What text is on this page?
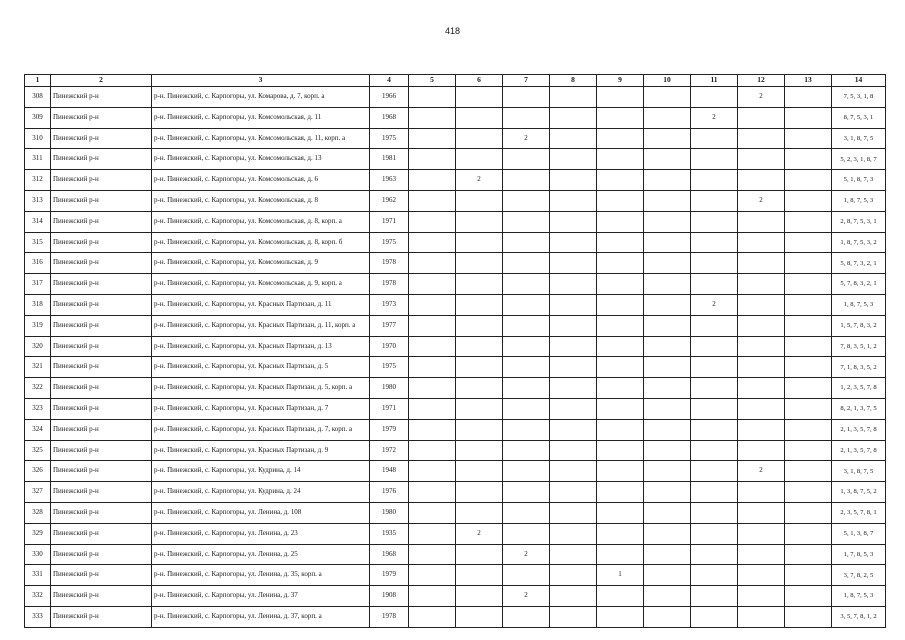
418
1	2	3	4	5	6	7	8	9	10	11	12	13	14
308	Пинежский р-н	р-н. Пинежский, с. Карпогоры, ул. Комарова, д. 7, корп. а	1966								2		7, 5, 3, 1, 8
309	Пинежский р-н	р-н. Пинежский, с. Карпогоры, ул. Комсомольская, д. 11	1968							2			8, 7, 5, 3, 1
310	Пинежский р-н	р-н. Пинежский, с. Карпогоры, ул. Комсомольская, д. 11, корп. а	1975			2							3, 1, 8, 7, 5
311	Пинежский р-н	р-н. Пинежский, с. Карпогоры, ул. Комсомольская, д. 13	1981										5, 2, 3, 1, 8, 7
312	Пинежский р-н	р-н. Пинежский, с. Карпогоры, ул. Комсомольская, д. 6	1963		2								5, 1, 8, 7, 3
313	Пинежский р-н	р-н. Пинежский, с. Карпогоры, ул. Комсомольская, д. 8	1962								2		1, 8, 7, 5, 3
314	Пинежский р-н	р-н. Пинежский, с. Карпогоры, ул. Комсомольская, д. 8, корп. а	1971										2, 8, 7, 5, 3, 1
315	Пинежский р-н	р-н. Пинежский, с. Карпогоры, ул. Комсомольская, д. 8, корп. б	1975										1, 8, 7, 5, 3, 2
316	Пинежский р-н	р-н. Пинежский, с. Карпогоры, ул. Комсомольская, д. 9	1978										5, 8, 7, 3, 2, 1
317	Пинежский р-н	р-н. Пинежский, с. Карпогоры, ул. Комсомольская, д. 9, корп. а	1978										5, 7, 8, 3, 2, 1
318	Пинежский р-н	р-н. Пинежский, с. Карпогоры, ул. Красных Партизан, д. 11	1973							2			1, 8, 7, 5, 3
319	Пинежский р-н	р-н. Пинежский, с. Карпогоры, ул. Красных Партизан, д. 11, корп. а	1977										1, 5, 7, 8, 3, 2
320	Пинежский р-н	р-н. Пинежский, с. Карпогоры, ул. Красных Партизан, д. 13	1970										7, 8, 3, 5, 1, 2
321	Пинежский р-н	р-н. Пинежский, с. Карпогоры, ул. Красных Партизан, д. 5	1975										7, 1, 8, 3, 5, 2
322	Пинежский р-н	р-н. Пинежский, с. Карпогоры, ул. Красных Партизан, д. 5, корп. а	1980										1, 2, 3, 5, 7, 8
323	Пинежский р-н	р-н. Пинежский, с. Карпогоры, ул. Красных Партизан, д. 7	1971										8, 2, 1, 3, 7, 5
324	Пинежский р-н	р-н. Пинежский, с. Карпогоры, ул. Красных Партизан, д. 7, корп. а	1979										2, 1, 3, 5, 7, 8
325	Пинежский р-н	р-н. Пинежский, с. Карпогоры, ул. Красных Партизан, д. 9	1972										2, 1, 3, 5, 7, 8
326	Пинежский р-н	р-н. Пинежский, с. Карпогоры, ул. Кудрина, д. 14	1948								2		3, 1, 8, 7, 5
327	Пинежский р-н	р-н. Пинежский, с. Карпогоры, ул. Кудрина, д. 24	1976										1, 3, 8, 7, 5, 2
328	Пинежский р-н	р-н. Пинежский, с. Карпогоры, ул. Ленина, д. 108	1980										2, 3, 5, 7, 8, 1
329	Пинежский р-н	р-н. Пинежский, с. Карпогоры, ул. Ленина, д. 23	1935		2								5, 1, 3, 8, 7
330	Пинежский р-н	р-н. Пинежский, с. Карпогоры, ул. Ленина, д. 25	1968			2							1, 7, 8, 5, 3
331	Пинежский р-н	р-н. Пинежский, с. Карпогоры, ул. Ленина, д. 35, корп. а	1979					1					3, 7, 8, 2, 5
332	Пинежский р-н	р-н. Пинежский, с. Карпогоры, ул. Ленина, д. 37	1908			2							1, 8, 7, 5, 3
333	Пинежский р-н	р-н. Пинежский, с. Карпогоры, ул. Ленина, д. 37, корп. а	1978										3, 5, 7, 8, 1, 2
